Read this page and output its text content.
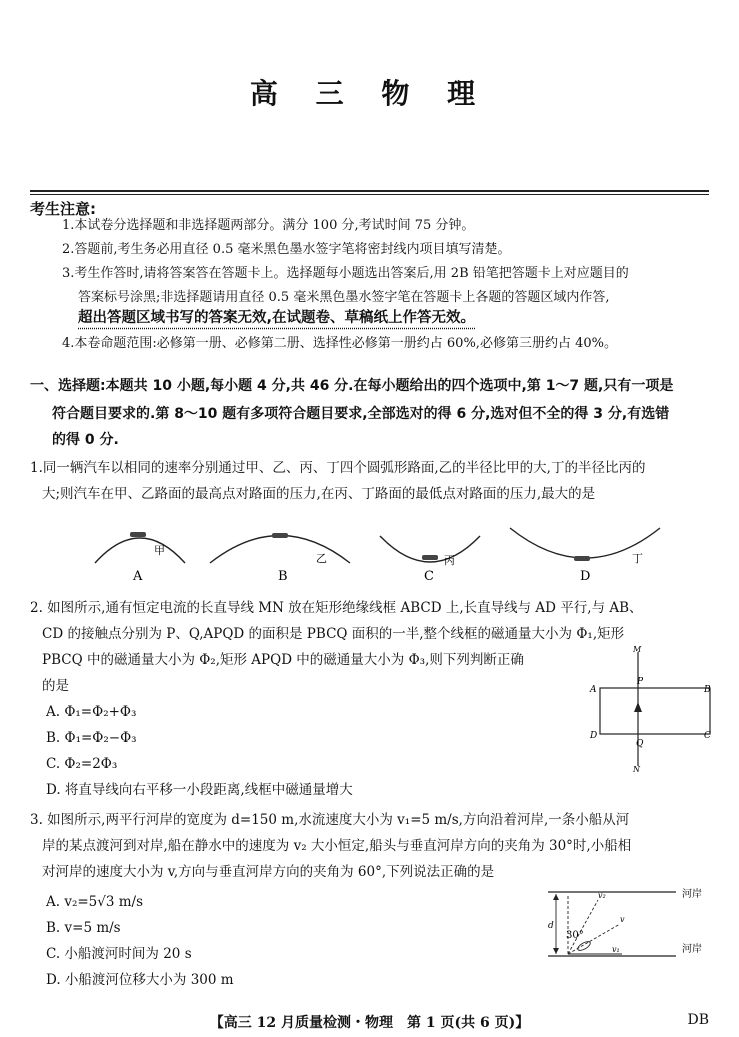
高 三 物 理
考生注意:
1.本试卷分选择题和非选择题两部分。满分 100 分,考试时间 75 分钟。
2.答题前,考生务必用直径 0.5 毫米黑色墨水签字笔将密封线内项目填写清楚。
3.考生作答时,请将答案答在答题卡上。选择题每小题选出答案后,用 2B 铅笔把答题卡上对应题目的
答案标号涂黑;非选择题请用直径 0.5 毫米黑色墨水签字笔在答题卡上各题的答题区域内作答,
超出答题区域书写的答案无效,在试题卷、草稿纸上作答无效。
4.本卷命题范围:必修第一册、必修第二册、选择性必修第一册约占 60%,必修第三册约占 40%。
一、选择题:本题共 10 小题,每小题 4 分,共 46 分.在每小题给出的四个选项中,第 1～7 题,只有一项是
符合题目要求的.第 8～10 题有多项符合题目要求,全部选对的得 6 分,选对但不全的得 3 分,有选错
的得 0 分.
1.同一辆汽车以相同的速率分别通过甲、乙、丙、丁四个圆弧形路面,乙的半径比甲的大,丁的半径比丙的
大;则汽车在甲、乙路面的最高点对路面的压力,在丙、丁路面的最低点对路面的压力,最大的是
甲
A
乙
B
丙
C
丁
D
2. 如图所示,通有恒定电流的长直导线 MN 放在矩形绝缘线框 ABCD 上,长直导线与 AD 平行,与 AB、
CD 的接触点分别为 P、Q,APQD 的面积是 PBCQ 面积的一半,整个线框的磁通量大小为 Φ₁,矩形
PBCQ 中的磁通量大小为 Φ₂,矩形 APQD 中的磁通量大小为 Φ₃,则下列判断正确
的是
A. Φ₁=Φ₂+Φ₃
B. Φ₁=Φ₂−Φ₃
C. Φ₂=2Φ₃
D. 将直导线向右平移一小段距离,线框中磁通量增大
M
N
A	B
C
D
P
Q
3. 如图所示,两平行河岸的宽度为 d=150 m,水流速度大小为 v₁=5 m/s,方向沿着河岸,一条小船从河
岸的某点渡河到对岸,船在静水中的速度为 v₂ 大小恒定,船头与垂直河岸方向的夹角为 30°时,小船相
对河岸的速度大小为 v,方向与垂直河岸方向的夹角为 60°,下列说法正确的是
A. v₂=5√3 m/s
B. v=5 m/s
C. 小船渡河时间为 20 s
D. 小船渡河位移大小为 300 m
河岸
河岸
d
v₂
v
v₁
30°
【高三 12 月质量检测・物理　第 1 页(共 6 页)】	DB
